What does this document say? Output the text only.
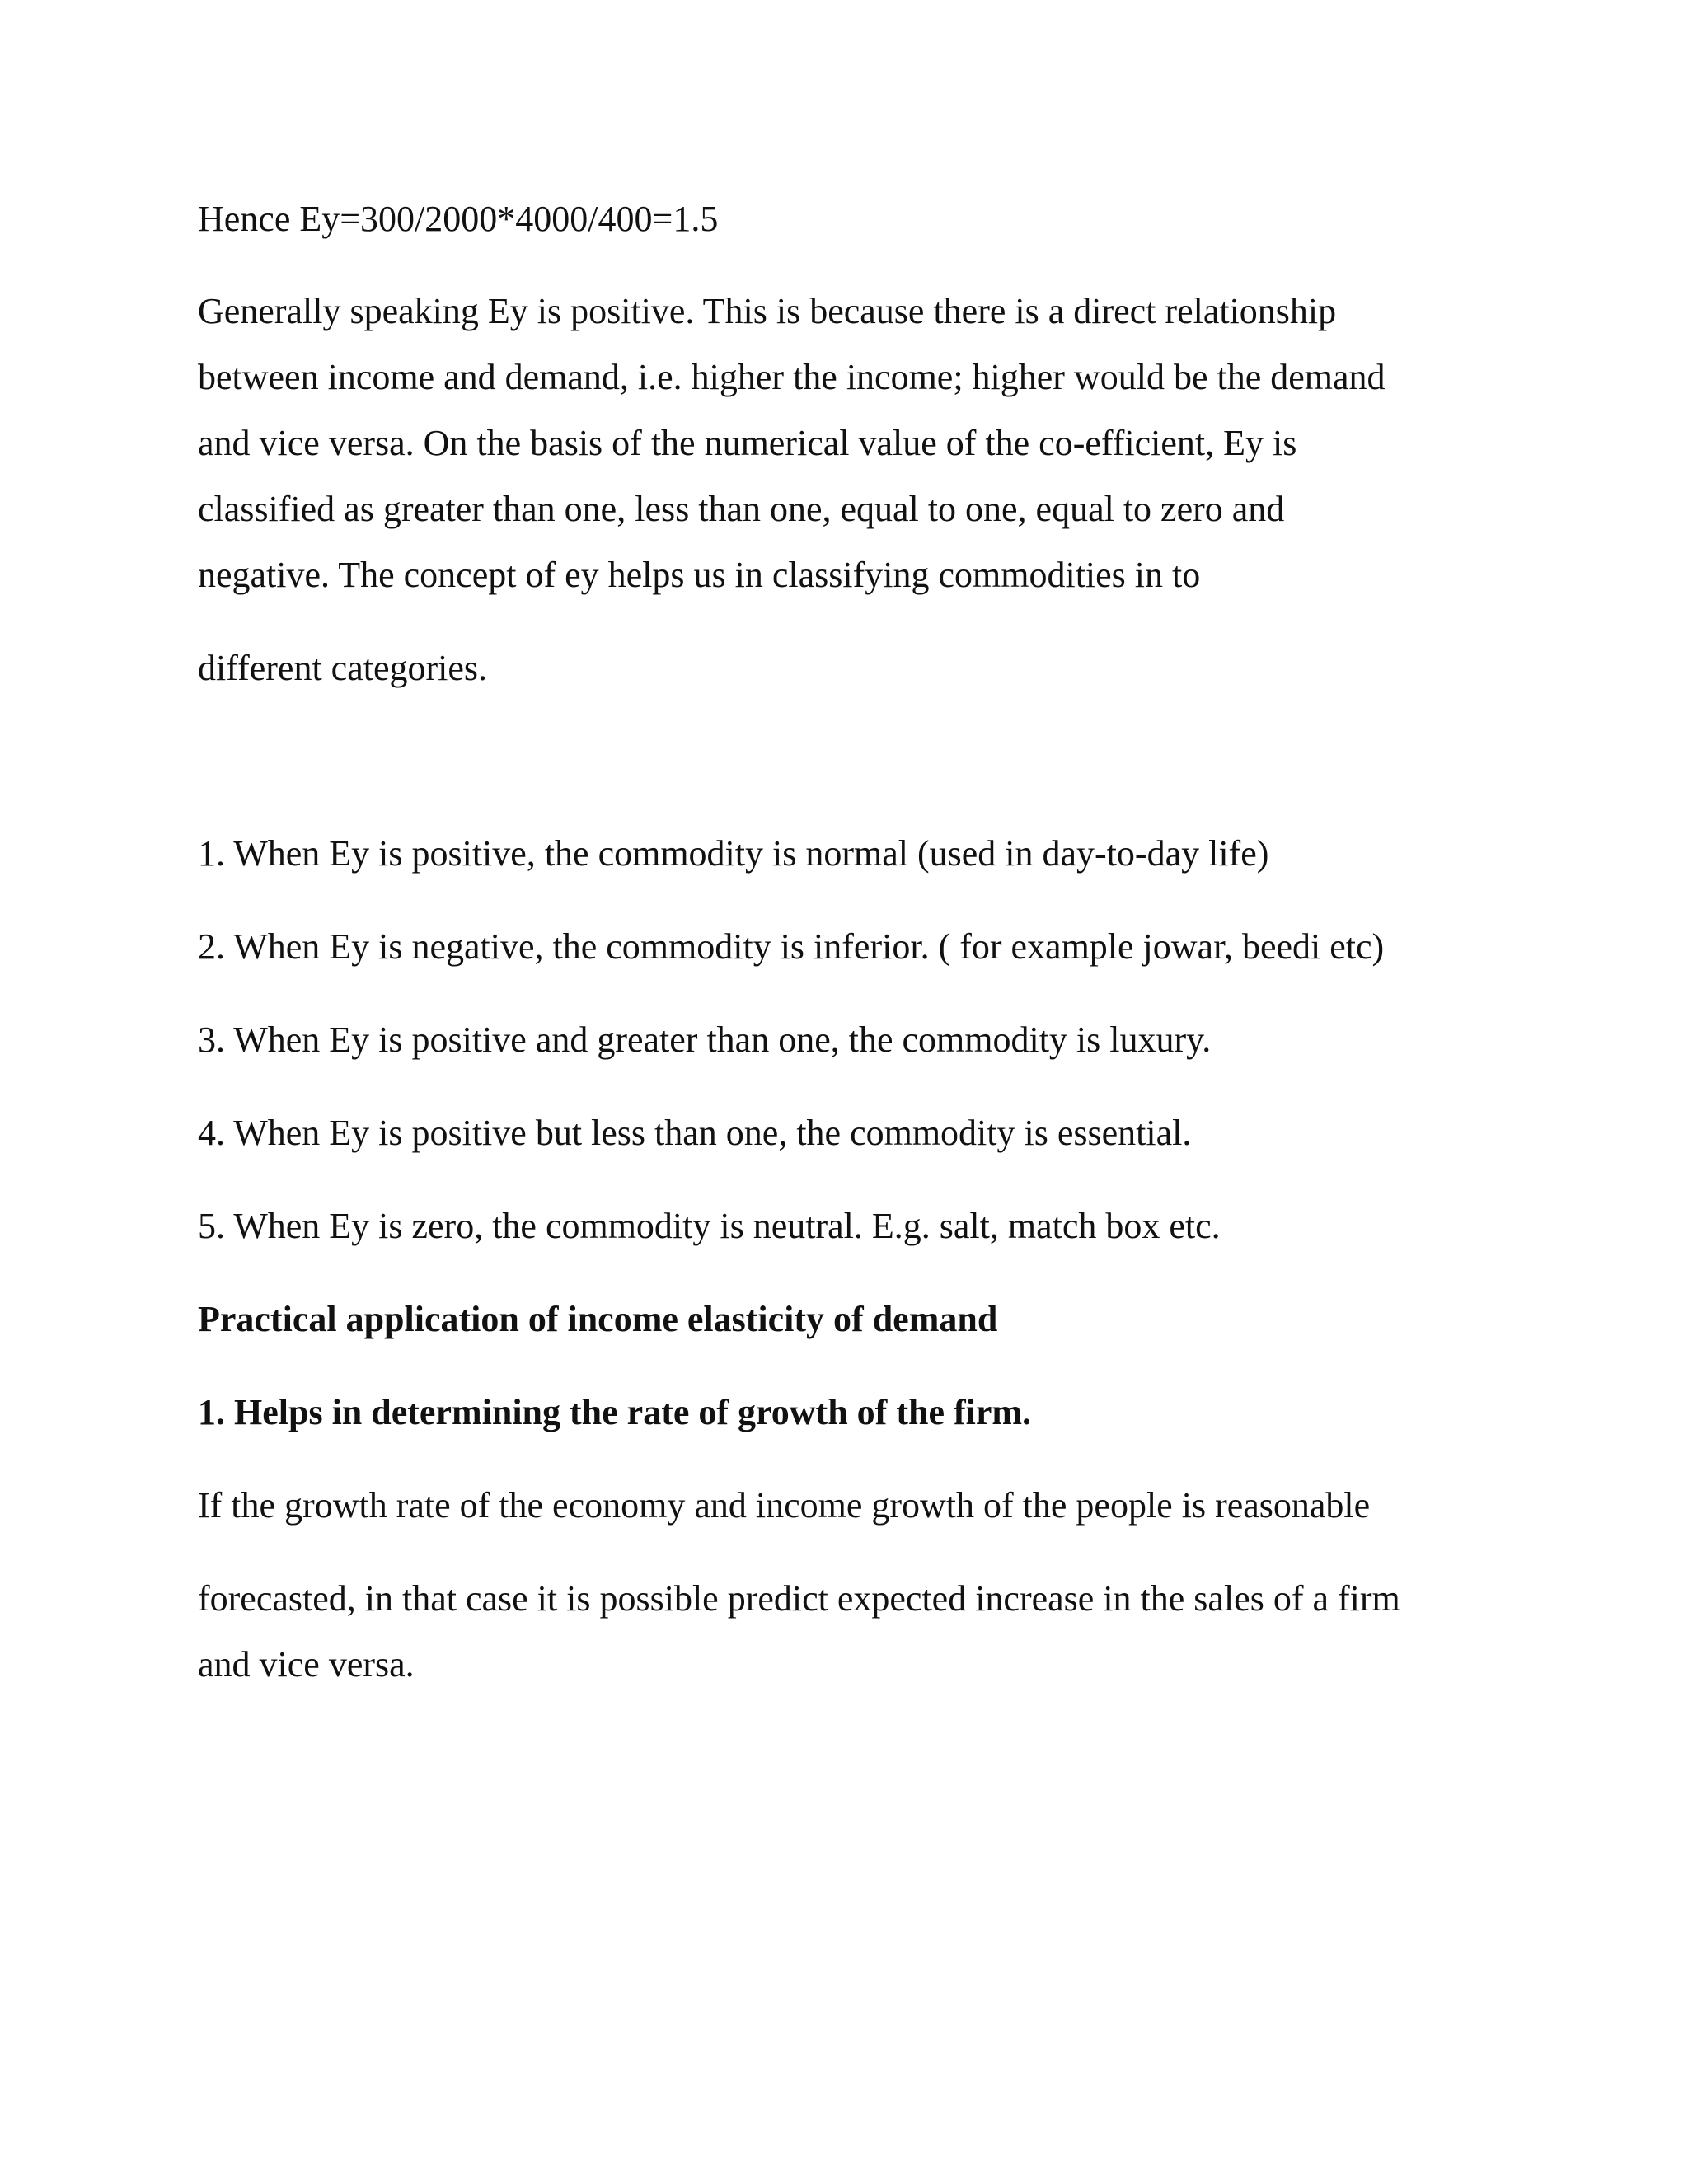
Hence Ey=300/2000*4000/400=1.5

Generally speaking Ey is positive. This is because there is a direct relationship

between income and demand, i.e. higher the income; higher would be the demand

and vice versa. On the basis of the numerical value of the co-efficient, Ey is

classified as greater than one, less than one, equal to one, equal to zero and

negative. The concept of ey helps us in classifying commodities in to

different categories.

1. When Ey is positive, the commodity is normal (used in day-to-day life)

2. When Ey is negative, the commodity is inferior. ( for example jowar, beedi etc)

3. When Ey is positive and greater than one, the commodity is luxury.

4. When Ey is positive but less than one, the commodity is essential.

5. When Ey is zero, the commodity is neutral. E.g. salt, match box etc.

Practical application of income elasticity of demand

1. Helps in determining the rate of growth of the firm.

If the growth rate of the economy and income growth of the people is reasonable

forecasted, in that case it is possible predict expected increase in the sales of a firm

and vice versa.
